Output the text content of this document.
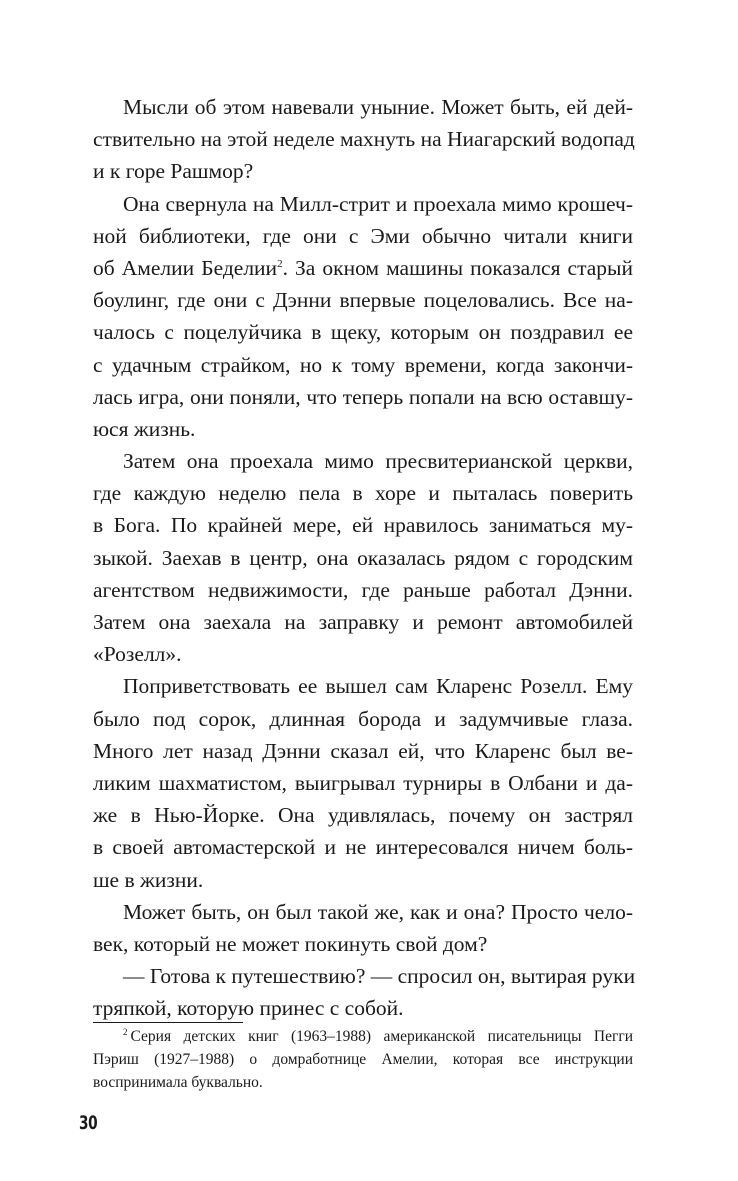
Мысли об этом навевали уныние. Может быть, ей дей-
ствительно на этой неделе махнуть на Ниагарский водопад
и к горе Рашмор?
Она свернула на Милл-стрит и проехала мимо крошеч-
ной библиотеки, где они с Эми обычно читали книги
об Амелии Беделии$^2$. За окном машины показался старый
боулинг, где они с Дэнни впервые поцеловались. Все на-
чалось с поцелуйчика в щеку, которым он поздравил ее
с удачным страйком, но к тому времени, когда закончи-
лась игра, они поняли, что теперь попали на всю оставшу-
юся жизнь.
Затем она проехала мимо пресвитерианской церкви,
где каждую неделю пела в хоре и пыталась поверить
в Бога. По крайней мере, ей нравилось заниматься му-
зыкой. Заехав в центр, она оказалась рядом с городским
агентством недвижимости, где раньше работал Дэнни.
Затем она заехала на заправку и ремонт автомобилей
«Розелл».
Поприветствовать ее вышел сам Кларенс Розелл. Ему
было под сорок, длинная борода и задумчивые глаза.
Много лет назад Дэнни сказал ей, что Кларенс был ве-
ликим шахматистом, выигрывал турниры в Олбани и да-
же в Нью-Йорке. Она удивлялась, почему он застрял
в своей автомастерской и не интересовался ничем боль-
ше в жизни.
Может быть, он был такой же, как и она? Просто чело-
век, который не может покинуть свой дом?
— Готова к путешествию? — спросил он, вытирая руки
тряпкой, которую принес с собой.
$^2$ Серия детских книг (1963–1988) американской писательницы Пегги
Пэриш (1927–1988) о домработнице Амелии, которая все инструкции
воспринимала буквально.
30
